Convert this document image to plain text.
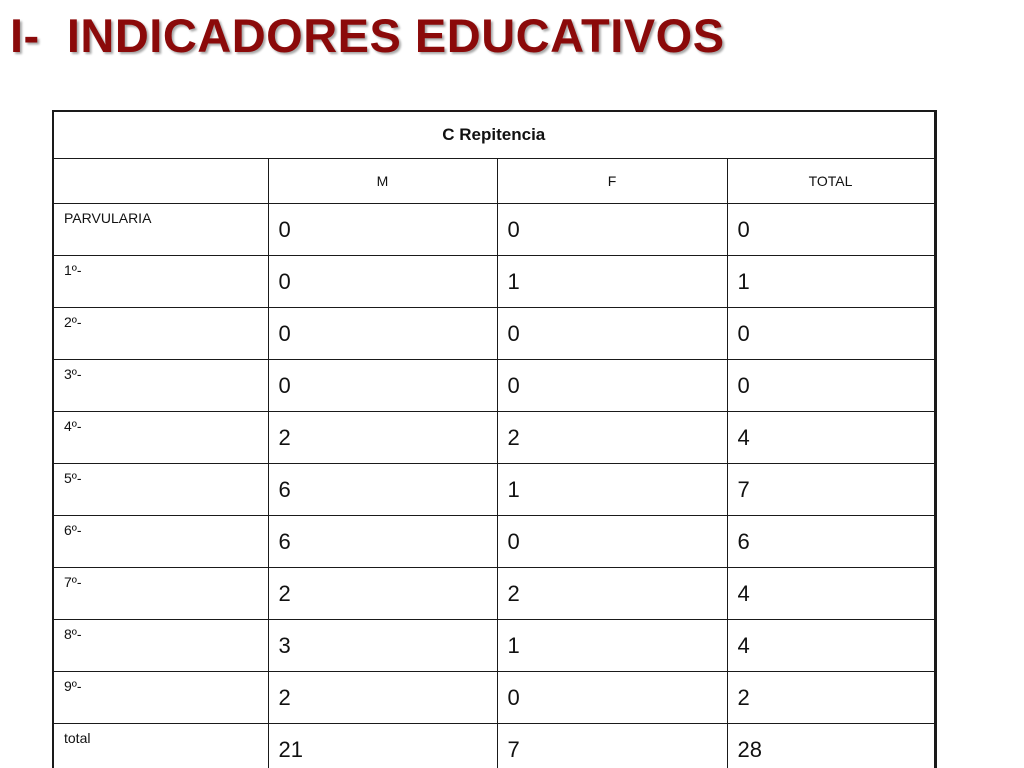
I-  INDICADORES EDUCATIVOS
C Repitencia			
	M	F	TOTAL
PARVULARIA	0	0	0
1º-	0	1	1
2º-	0	0	0
3º-	0	0	0
4º-	2	2	4
5º-	6	1	7
6º-	6	0	6
7º-	2	2	4
8º-	3	1	4
9º-	2	0	2
total	21	7	28
